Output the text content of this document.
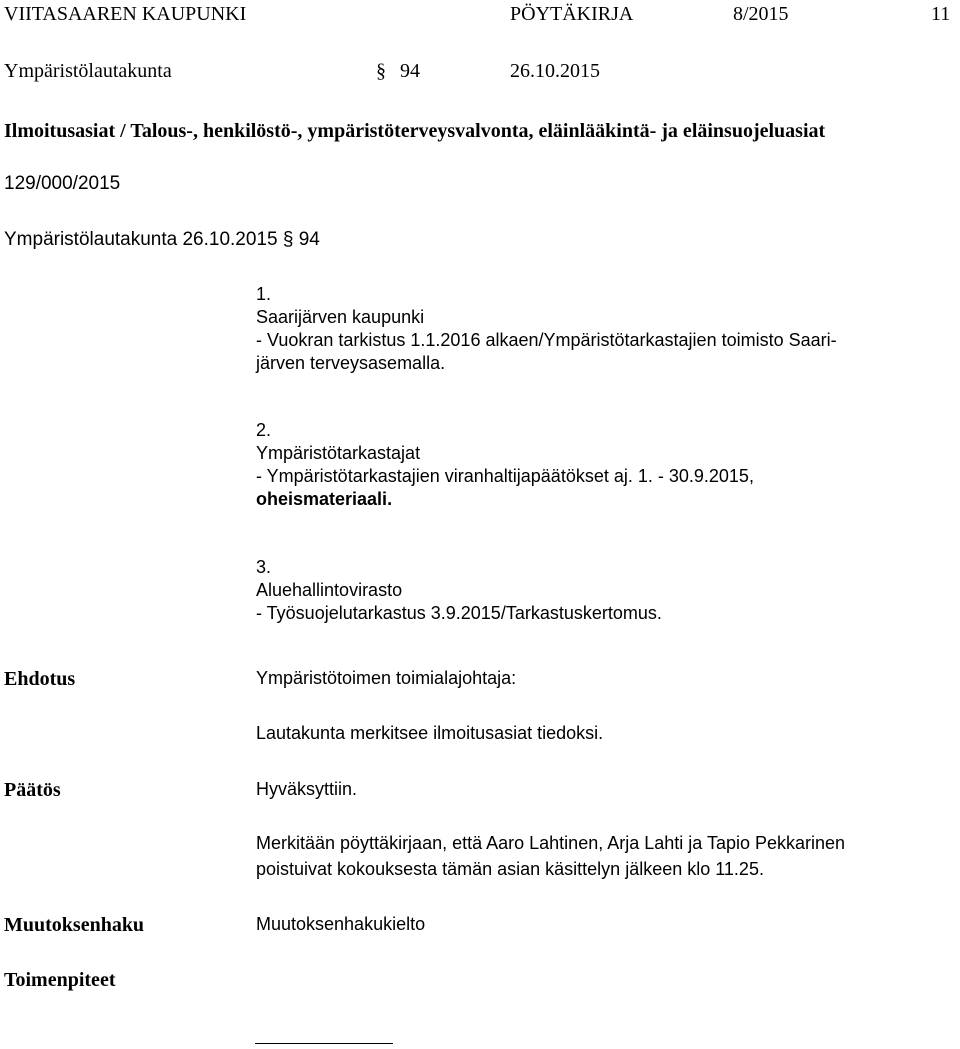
VIITASAAREN KAUPUNKI	PÖYTÄKIRJA	8/2015	11
Ympäristölautakunta	§ 94	26.10.2015
Ilmoitusasiat / Talous-, henkilöstö-, ympäristöterveysvalvonta, eläinlääkintä- ja eläinsuojeluasiat
129/000/2015
Ympäristölautakunta 26.10.2015 § 94
1.
Saarijärven kaupunki
- Vuokran tarkistus 1.1.2016 alkaen/Ympäristötarkastajien toimisto Saari-
järven terveysasemalla.
2.
Ympäristötarkastajat
- Ympäristötarkastajien viranhaltijapäätökset aj. 1. - 30.9.2015,
oheismateriaali.
3.
Aluehallintovirasto
- Työsuojelutarkastus 3.9.2015/Tarkastuskertomus.
Ehdotus	Ympäristötoimen toimialajohtaja:
Lautakunta merkitsee ilmoitusasiat tiedoksi.
Päätös	Hyväksyttiin.
Merkitään pöyttäkirjaan, että Aaro Lahtinen, Arja Lahti ja Tapio Pekkarinen
poistuivat kokouksesta tämän asian käsittelyn jälkeen klo 11.25.
Muutoksenhaku	Muutoksenhakukielto
Toimenpiteet
